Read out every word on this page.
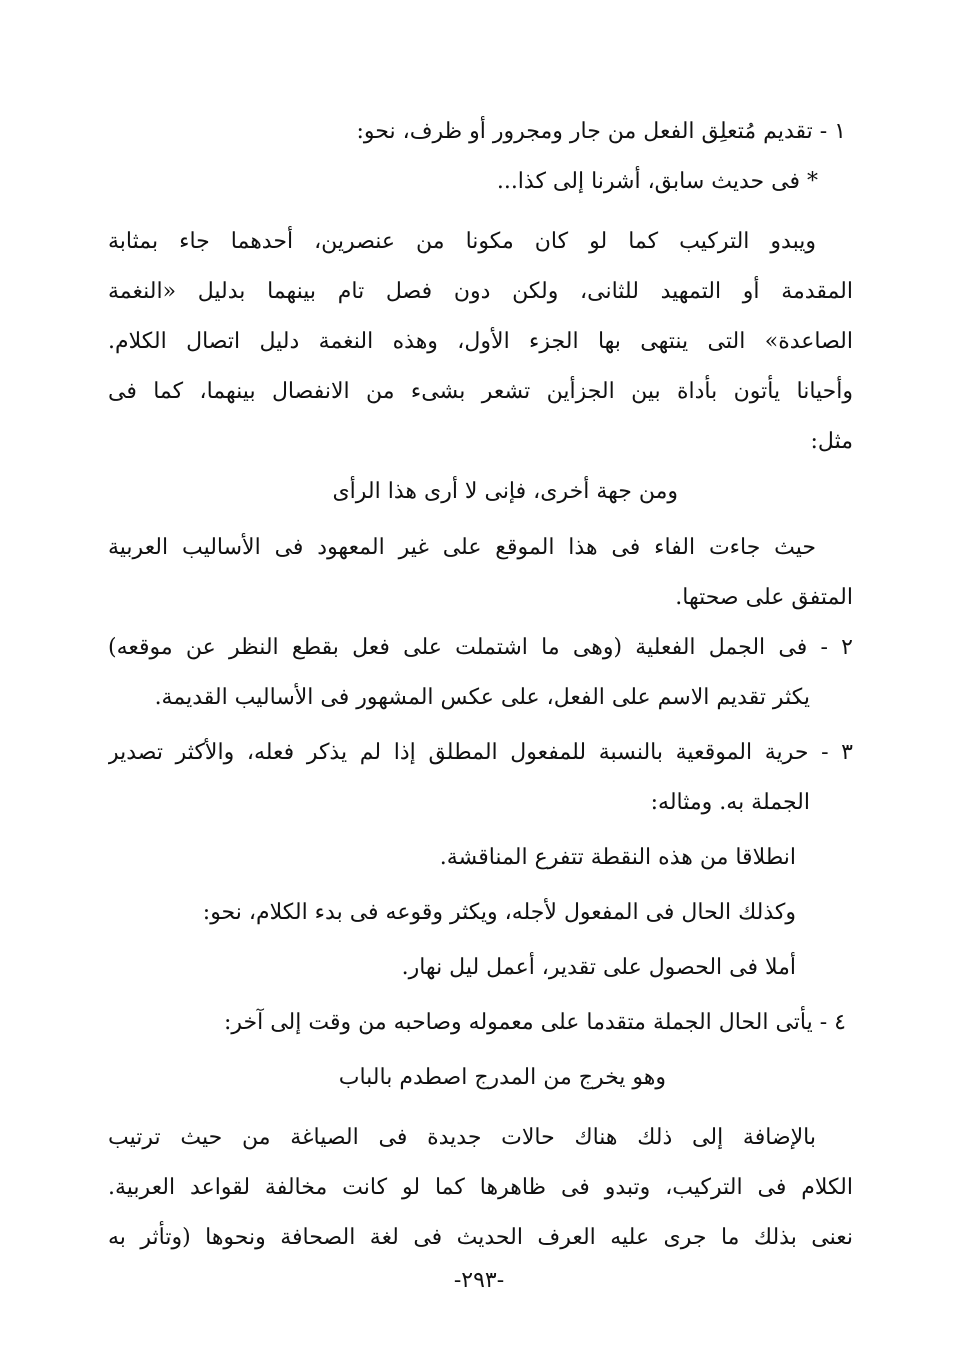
١ - تقديم مُتعلِق الفعل من جار ومجرور أو ظرف، نحو:
* فى حديث سابق، أشرنا إلى كذا...
ويبدو التركيب كما لو كان مكونا من عنصرين، أحدهما جاء بمثابة
المقدمة أو التمهيد للثانى، ولكن دون فصل تام بينهما بدليل «النغمة
الصاعدة» التى ينتهى بها الجزء الأول، وهذه النغمة دليل اتصال الكلام.
وأحيانا يأتون بأداة بين الجزأين تشعر بشىء من الانفصال بينهما، كما فى
مثل:
ومن جهة أخرى، فإنى لا أرى هذا الرأى
حيث جاءت الفاء فى هذا الموقع على غير المعهود فى الأساليب العربية
المتفق على صحتها.
٢ - فى الجمل الفعلية (وهى ما اشتملت على فعل بقطع النظر عن موقعه)
يكثر تقديم الاسم على الفعل، على عكس المشهور فى الأساليب القديمة.
٣ - حرية الموقعية بالنسبة للمفعول المطلق إذا لم يذكر فعله، والأكثر تصدير
الجملة به. ومثاله:
انطلاقا من هذه النقطة تتفرع المناقشة.
وكذلك الحال فى المفعول لأجله، ويكثر وقوعه فى بدء الكلام، نحو:
أملا فى الحصول على تقدير، أعمل ليل نهار.
٤ - يأتى الحال الجملة متقدما على معموله وصاحبه من وقت إلى آخر:
وهو يخرج من المدرج اصطدم بالباب
بالإضافة إلى ذلك هناك حالات جديدة فى الصياغة من حيث ترتيب
الكلام فى التركيب، وتبدو فى ظاهرها كما لو كانت مخالفة لقواعد العربية.
نعنى بذلك ما جرى عليه العرف الحديث فى لغة الصحافة ونحوها (وتأثر به
-٢٩٣-
